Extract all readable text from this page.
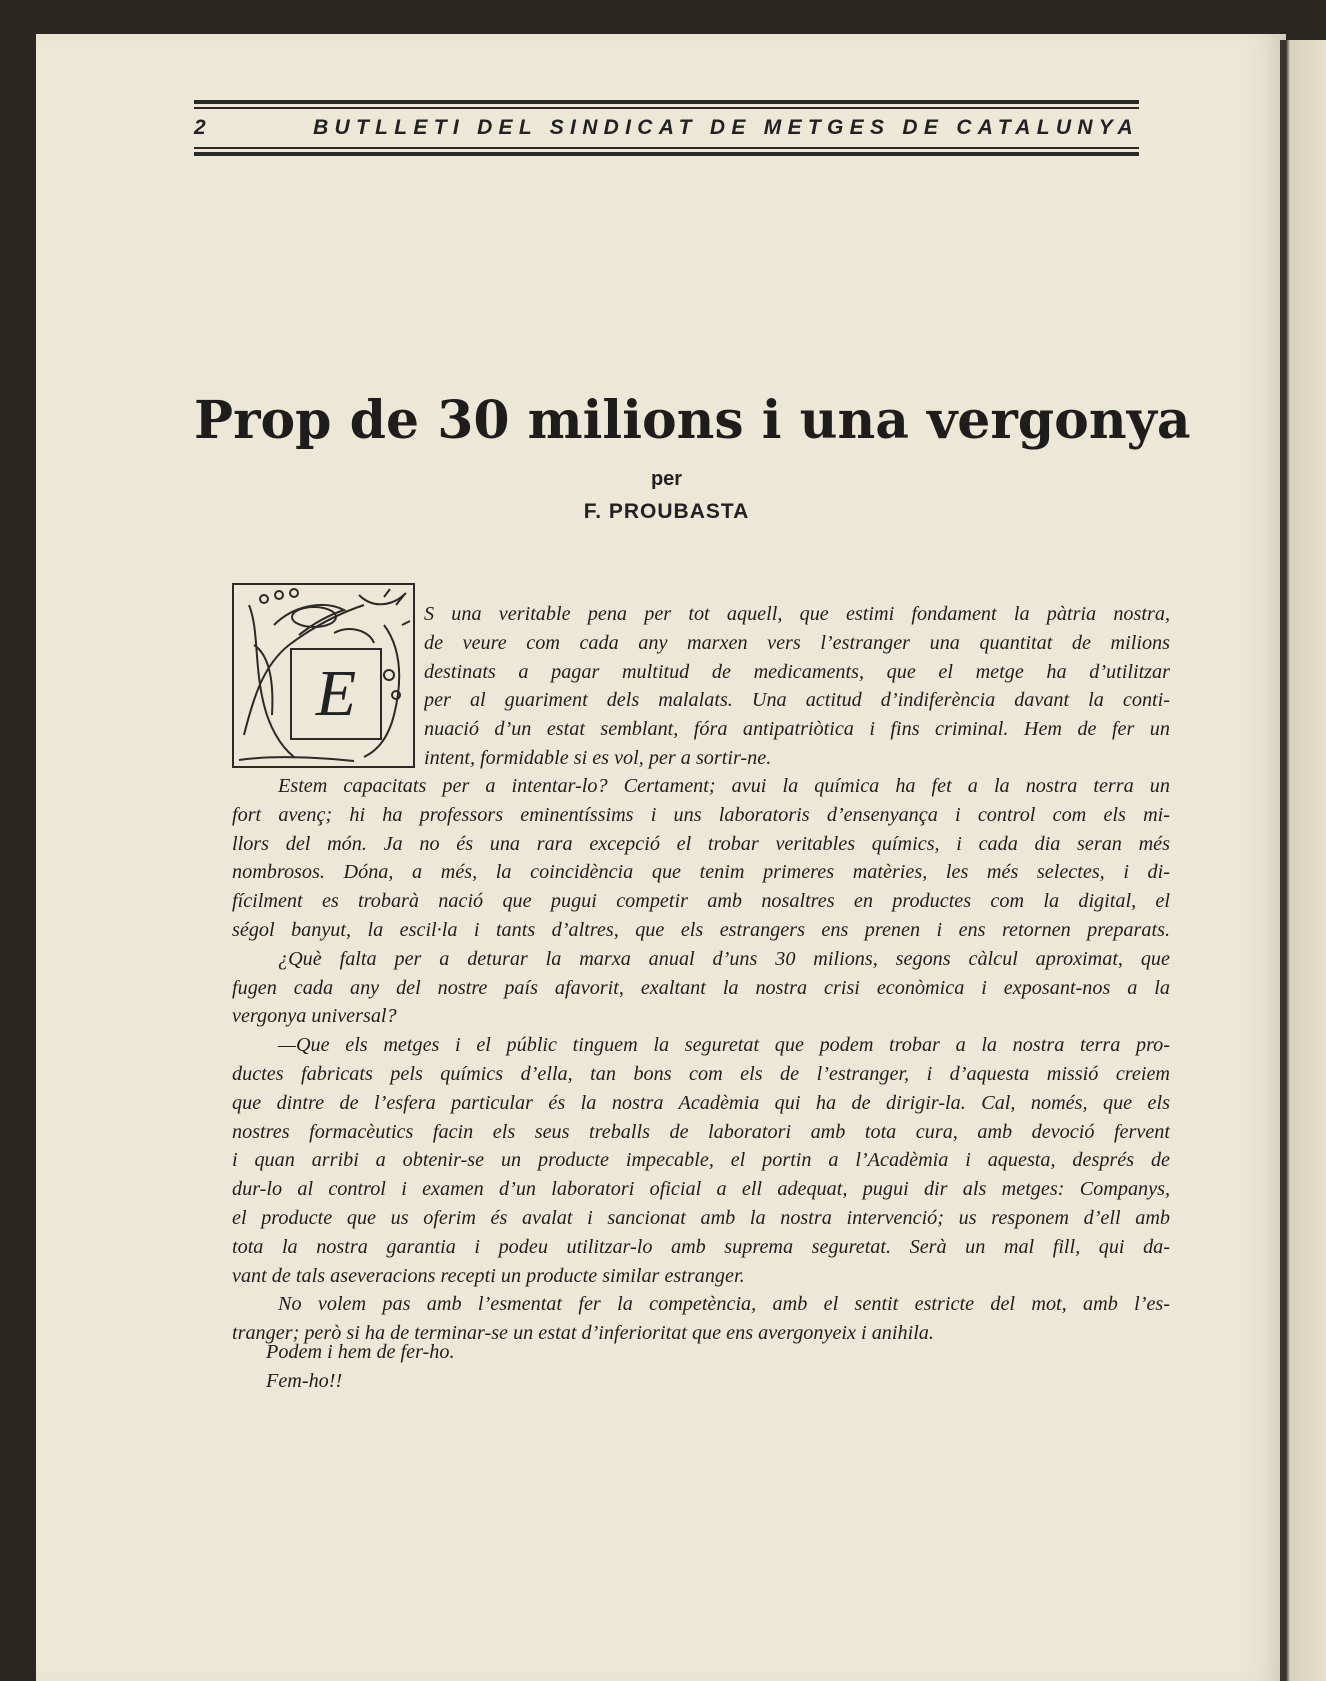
2	BUTLLETI DEL SINDICAT DE METGES DE CATALUNYA
Prop de 30 milions i una vergonya
per
F. PROUBASTA
E
S una veritable pena per tot aquell, que estimi fondament la pàtria nostra,
de veure com cada any marxen vers l’estranger una quantitat de milions
destinats a pagar multitud de medicaments, que el metge ha d’utilitzar
per al guariment dels malalats. Una actitud d’indiferència davant la conti-
nuació d’un estat semblant, fóra antipatriòtica i fins criminal. Hem de fer un
intent, formidable si es vol, per a sortir-ne.
Estem capacitats per a intentar-lo? Certament; avui la química ha fet a la nostra terra un
fort avenç; hi ha professors eminentíssims i uns laboratoris d’ensenyança i control com els mi-
llors del món. Ja no és una rara excepció el trobar veritables químics, i cada dia seran més
nombrosos. Dóna, a més, la coincidència que tenim primeres matèries, les més selectes, i di-
fícilment es trobarà nació que pugui competir amb nosaltres en productes com la digital, el
ségol banyut, la escil·la i tants d’altres, que els estrangers ens prenen i ens retornen preparats.
¿Què falta per a deturar la marxa anual d’uns 30 milions, segons càlcul aproximat, que
fugen cada any del nostre país afavorit, exaltant la nostra crisi econòmica i exposant-nos a la
vergonya universal?
—Que els metges i el públic tinguem la seguretat que podem trobar a la nostra terra pro-
ductes fabricats pels químics d’ella, tan bons com els de l’estranger, i d’aquesta missió creiem
que dintre de l’esfera particular és la nostra Acadèmia qui ha de dirigir-la. Cal, només, que els
nostres formacèutics facin els seus treballs de laboratori amb tota cura, amb devoció fervent
i quan arribi a obtenir-se un producte impecable, el portin a l’Acadèmia i aquesta, després de
dur-lo al control i examen d’un laboratori oficial a ell adequat, pugui dir als metges: Companys,
el producte que us oferim és avalat i sancionat amb la nostra intervenció; us responem d’ell amb
tota la nostra garantia i podeu utilitzar-lo amb suprema seguretat. Serà un mal fill, qui da-
vant de tals aseveracions recepti un producte similar estranger.
No volem pas amb l’esmentat fer la competència, amb el sentit estricte del mot, amb l’es-
tranger; però si ha de terminar-se un estat d’inferioritat que ens avergonyeix i anihila.
Podem i hem de fer-ho.
Fem-ho!!
